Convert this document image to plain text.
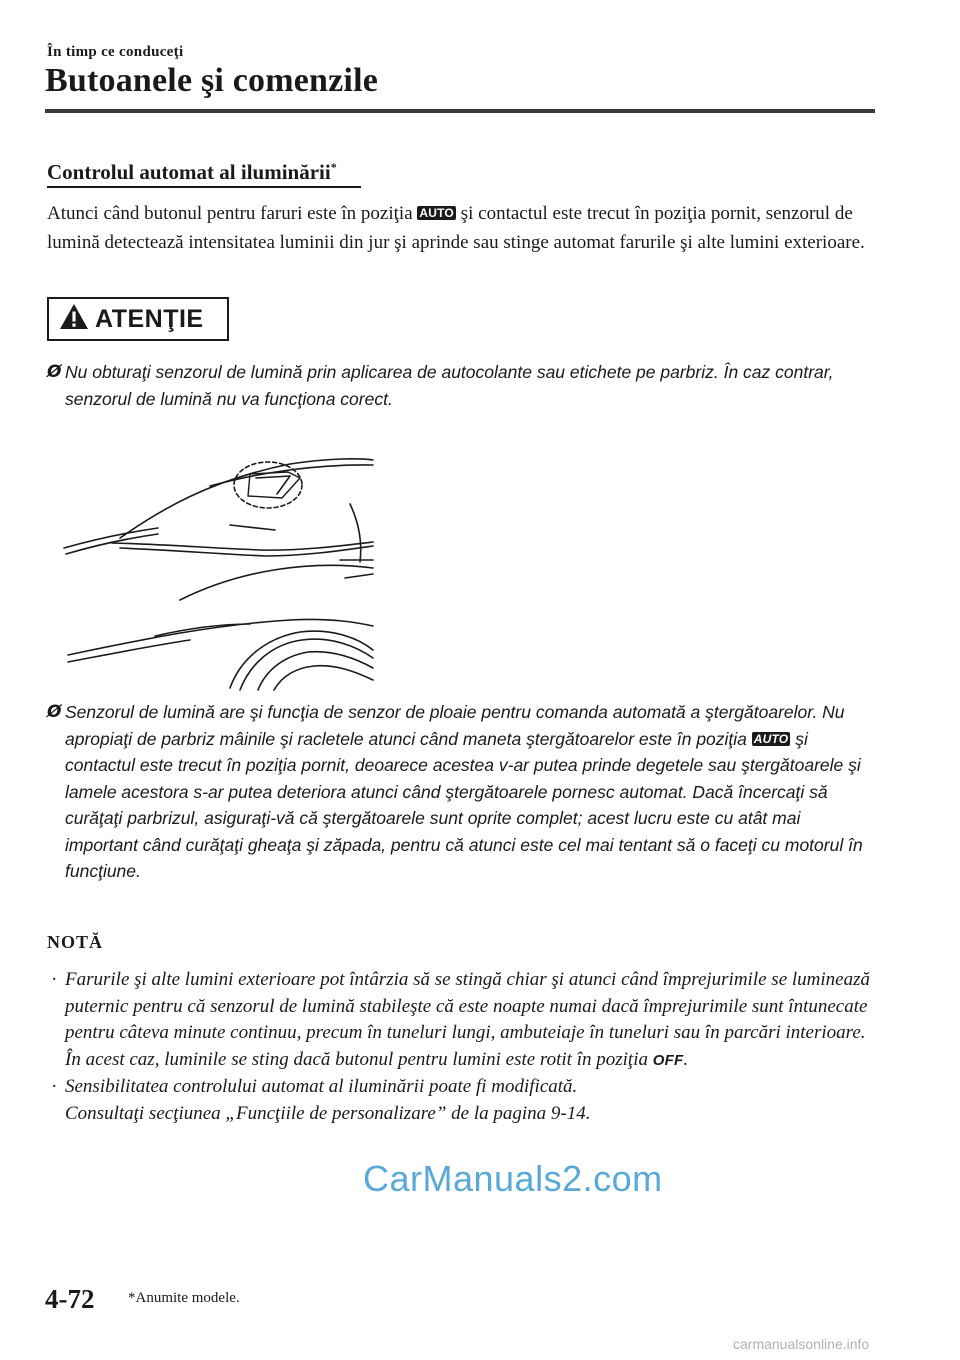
În timp ce conduceţi
Butoanele şi comenzile
Controlul automat al iluminării*
Atunci când butonul pentru faruri este în poziţia AUTO şi contactul este trecut în poziţia pornit, senzorul de lumină detectează intensitatea luminii din jur şi aprinde sau stinge automat farurile şi alte lumini exterioare.
ATENŢIE
Ø Nu obturaţi senzorul de lumină prin aplicarea de autocolante sau etichete pe parbriz. În caz contrar, senzorul de lumină nu va funcţiona corect.
Ø Senzorul de lumină are şi funcţia de senzor de ploaie pentru comanda automată a ştergătoarelor. Nu apropiaţi de parbriz mâinile şi racletele atunci când maneta ştergătoarelor este în poziţia AUTO şi contactul este trecut în poziţia pornit, deoarece acestea v-ar putea prinde degetele sau ştergătoarele şi lamele acestora s-ar putea deteriora atunci când ştergătoarele pornesc automat. Dacă încercaţi să curăţaţi parbrizul, asiguraţi-vă că ştergătoarele sunt oprite complet; acest lucru este cu atât mai important când curăţaţi gheaţa şi zăpada, pentru că atunci este cel mai tentant să o faceţi cu motorul în funcţiune.
NOTĂ
· Farurile şi alte lumini exterioare pot întârzia să se stingă chiar şi atunci când împrejurimile se luminează puternic pentru că senzorul de lumină stabileşte că este noapte numai dacă împrejurimile sunt întunecate pentru câteva minute continuu, precum în tuneluri lungi, ambuteiaje în tuneluri sau în parcări interioare.
În acest caz, luminile se sting dacă butonul pentru lumini este rotit în poziţia OFF.
· Sensibilitatea controlului automat al iluminării poate fi modificată.
Consultaţi secţiunea „Funcţiile de personalizare” de la pagina 9-14.
CarManuals2.com
4-72 *Anumite modele.
carmanualsonline.info
